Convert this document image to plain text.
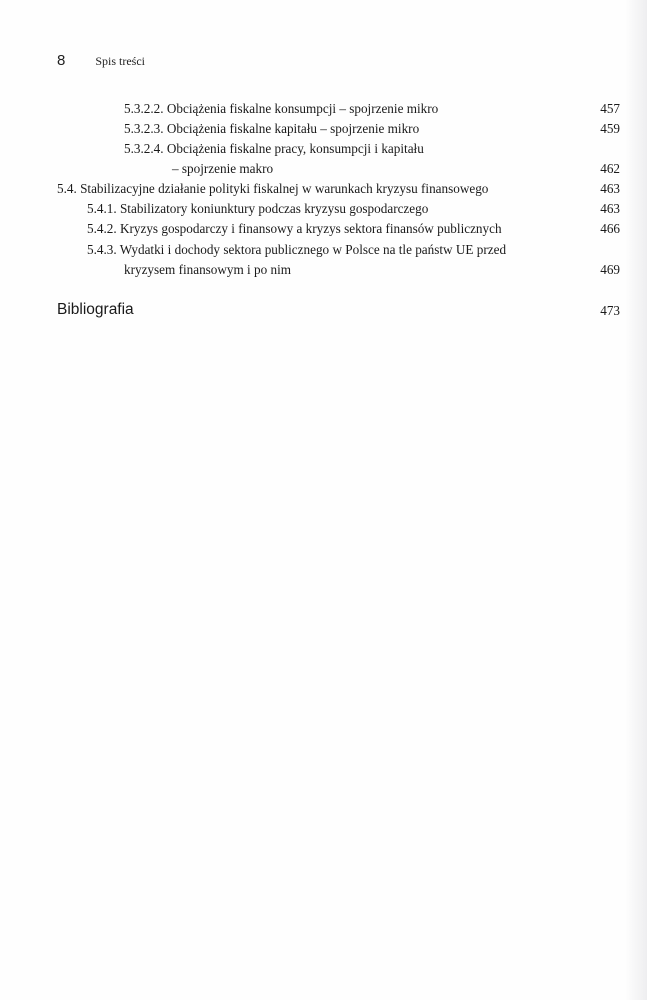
8	Spis treści
5.3.2.2. Obciążenia fiskalne konsumpcji – spojrzenie mikro	457
5.3.2.3. Obciążenia fiskalne kapitału – spojrzenie mikro	459
5.3.2.4. Obciążenia fiskalne pracy, konsumpcji i kapitału
– spojrzenie makro	462
5.4. Stabilizacyjne działanie polityki fiskalnej w warunkach kryzysu finansowego	463
5.4.1. Stabilizatory koniunktury podczas kryzysu gospodarczego	463
5.4.2. Kryzys gospodarczy i finansowy a kryzys sektora finansów publicznych	466
5.4.3. Wydatki i dochody sektora publicznego w Polsce na tle państw UE przed
kryzysem finansowym i po nim	469
Bibliografia	473
